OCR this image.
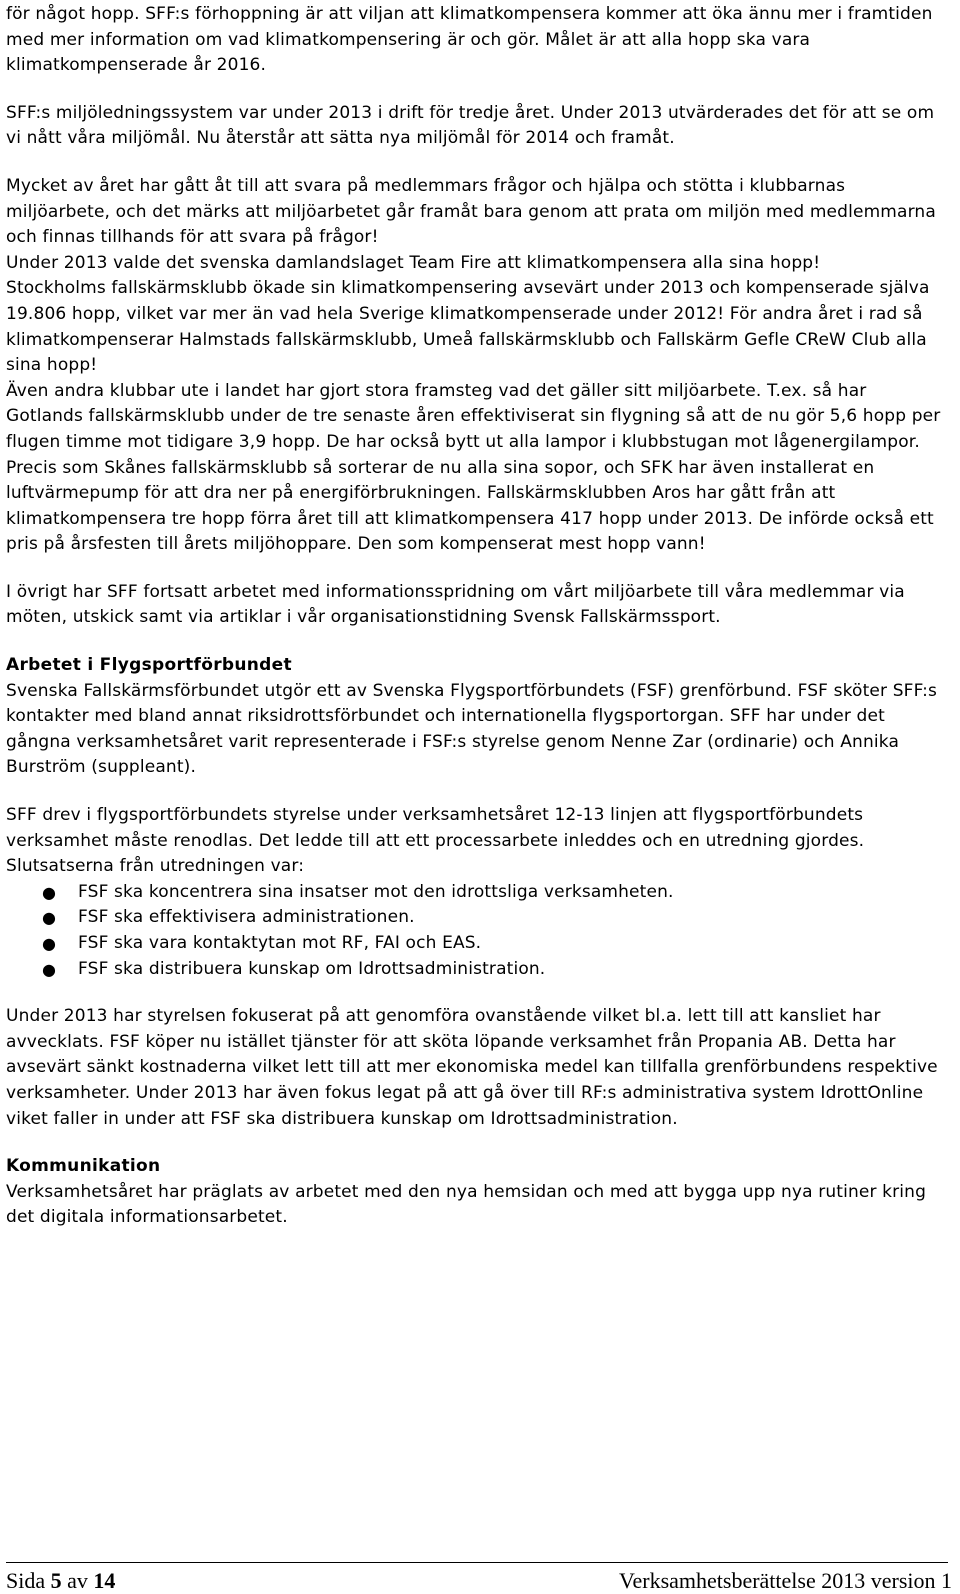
för något hopp. SFF:s förhoppning är att viljan att klimatkompensera kommer att öka ännu mer i framtiden med mer information om vad klimatkompensering är och gör. Målet är att alla hopp ska vara klimatkompenserade år 2016.

SFF:s miljöledningssystem var under 2013 i drift för tredje året. Under 2013 utvärderades det för att se om vi nått våra miljömål. Nu återstår att sätta nya miljömål för 2014 och framåt.

Mycket av året har gått åt till att svara på medlemmars frågor och hjälpa och stötta i klubbarnas miljöarbete, och det märks att miljöarbetet går framåt bara genom att prata om miljön med medlemmarna och finnas tillhands för att svara på frågor!

Under 2013 valde det svenska damlandslaget Team Fire att klimatkompensera alla sina hopp!

Stockholms fallskärmsklubb ökade sin klimatkompensering avsevärt under 2013 och kompenserade själva 19.806 hopp, vilket var mer än vad hela Sverige klimatkompenserade under 2012! För andra året i rad så klimatkompenserar Halmstads fallskärmsklubb, Umeå fallskärmsklubb och Fallskärm Gefle CReW Club alla sina hopp!

Även andra klubbar ute i landet har gjort stora framsteg vad det gäller sitt miljöarbete. T.ex. så har Gotlands fallskärmsklubb under de tre senaste åren effektiviserat sin flygning så att de nu gör 5,6 hopp per flugen timme mot tidigare 3,9 hopp. De har också bytt ut alla lampor i klubbstugan mot lågenergilampor. Precis som Skånes fallskärmsklubb så sorterar de nu alla sina sopor, och SFK har även installerat en luftvärmepump för att dra ner på energiförbrukningen. Fallskärmsklubben Aros har gått från att klimatkompensera tre hopp förra året till att klimatkompensera 417 hopp under 2013. De införde också ett pris på årsfesten till årets miljöhoppare. Den som kompenserat mest hopp vann!

I övrigt har SFF fortsatt arbetet med informationsspridning om vårt miljöarbete till våra medlemmar via möten, utskick samt via artiklar i vår organisationstidning Svensk Fallskärmssport.

Arbetet i Flygsportförbundet

Svenska Fallskärmsförbundet utgör ett av Svenska Flygsportförbundets (FSF) grenförbund. FSF sköter SFF:s kontakter med bland annat riksidrottsförbundet och internationella flygsportorgan. SFF har under det gångna verksamhetsåret varit representerade i FSF:s styrelse genom Nenne Zar (ordinarie) och Annika Burström (suppleant).

SFF drev i flygsportförbundets styrelse under verksamhetsåret 12-13 linjen att flygsportförbundets verksamhet måste renodlas. Det ledde till att ett processarbete inleddes och en utredning gjordes. Slutsatserna från utredningen var:

● FSF ska koncentrera sina insatser mot den idrottsliga verksamheten.
● FSF ska effektivisera administrationen.
● FSF ska vara kontaktytan mot RF, FAI och EAS.
● FSF ska distribuera kunskap om Idrottsadministration.

Under 2013 har styrelsen fokuserat på att genomföra ovanstående vilket bl.a. lett till att kansliet har avvecklats. FSF köper nu istället tjänster för att sköta löpande verksamhet från Propania AB. Detta har avsevärt sänkt kostnaderna vilket lett till att mer ekonomiska medel kan tillfalla grenförbundens respektive verksamheter. Under 2013 har även fokus legat på att gå över till RF:s administrativa system IdrottOnline viket faller in under att FSF ska distribuera kunskap om Idrottsadministration.

Kommunikation

Verksamhetsåret har präglats av arbetet med den nya hemsidan och med att bygga upp nya rutiner kring det digitala informationsarbetet.

Sida 5 av 14	Verksamhetsberättelse 2013 version 1
